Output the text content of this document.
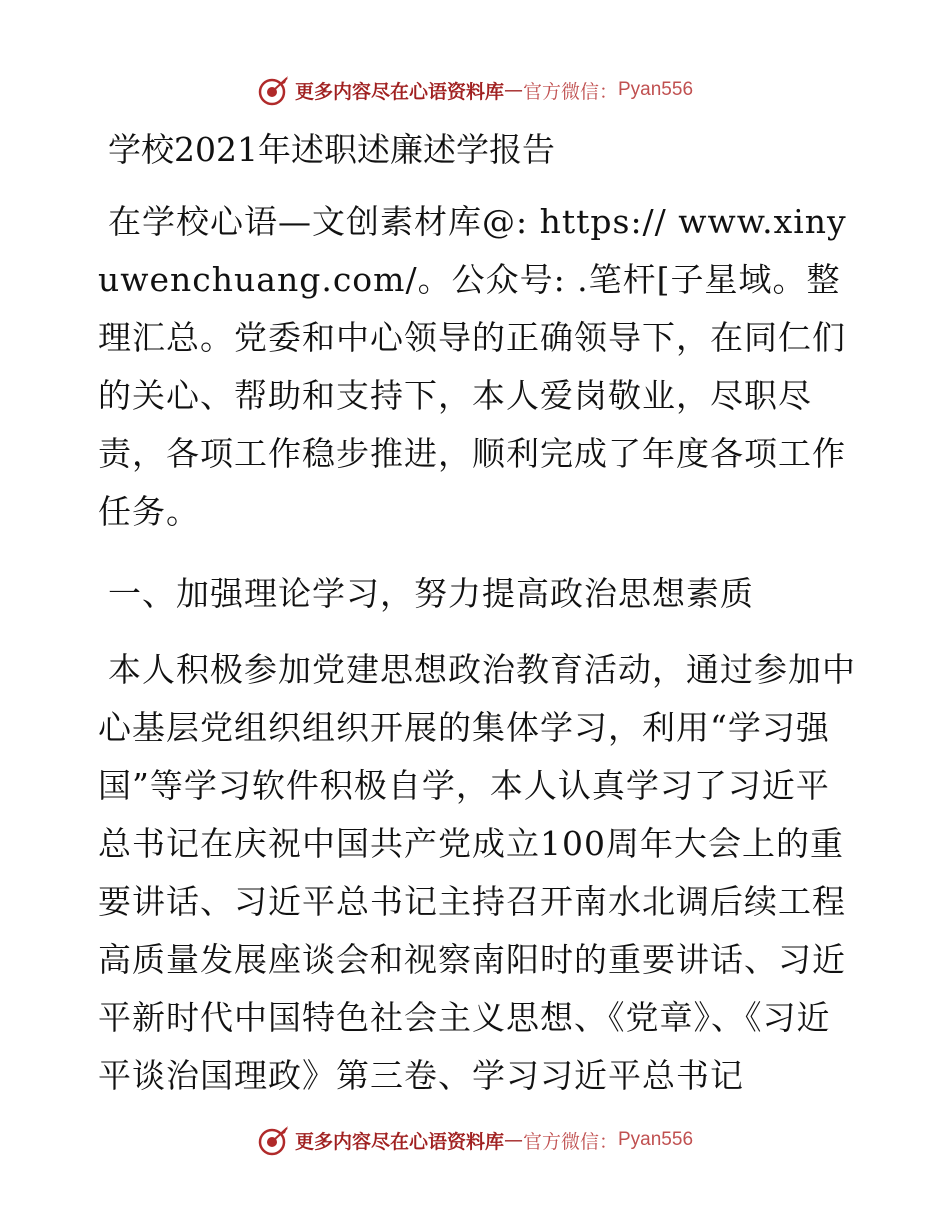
更多内容尽在心语资料库 — 官方微信： Pyan556
学校2021年述职述廉述学报告

在学校心语—文创素材库@: https:// www.xinyuwenchuang.com/。公众号: .笔杆[子星域。整理汇总。党委和中心领导的正确领导下，在同仁们的关心、帮助和支持下，本人爱岗敬业，尽职尽责，各项工作稳步推进，顺利完成了年度各项工作任务。

一、加强理论学习，努力提高政治思想素质

本人积极参加党建思想政治教育活动，通过参加中心基层党组织组织开展的集体学习，利用“学习强国”等学习软件积极自学，本人认真学习了习近平总书记在庆祝中国共产党成立100周年大会上的重要讲话、习近平总书记主持召开南水北调后续工程高质量发展座谈会和视察南阳时的重要讲话、习近平新时代中国特色社会主义思想、《党章》、《习近平谈治国理政》第三卷、学习习近平总书记

更多内容尽在心语资料库 — 官方微信： Pyan556
